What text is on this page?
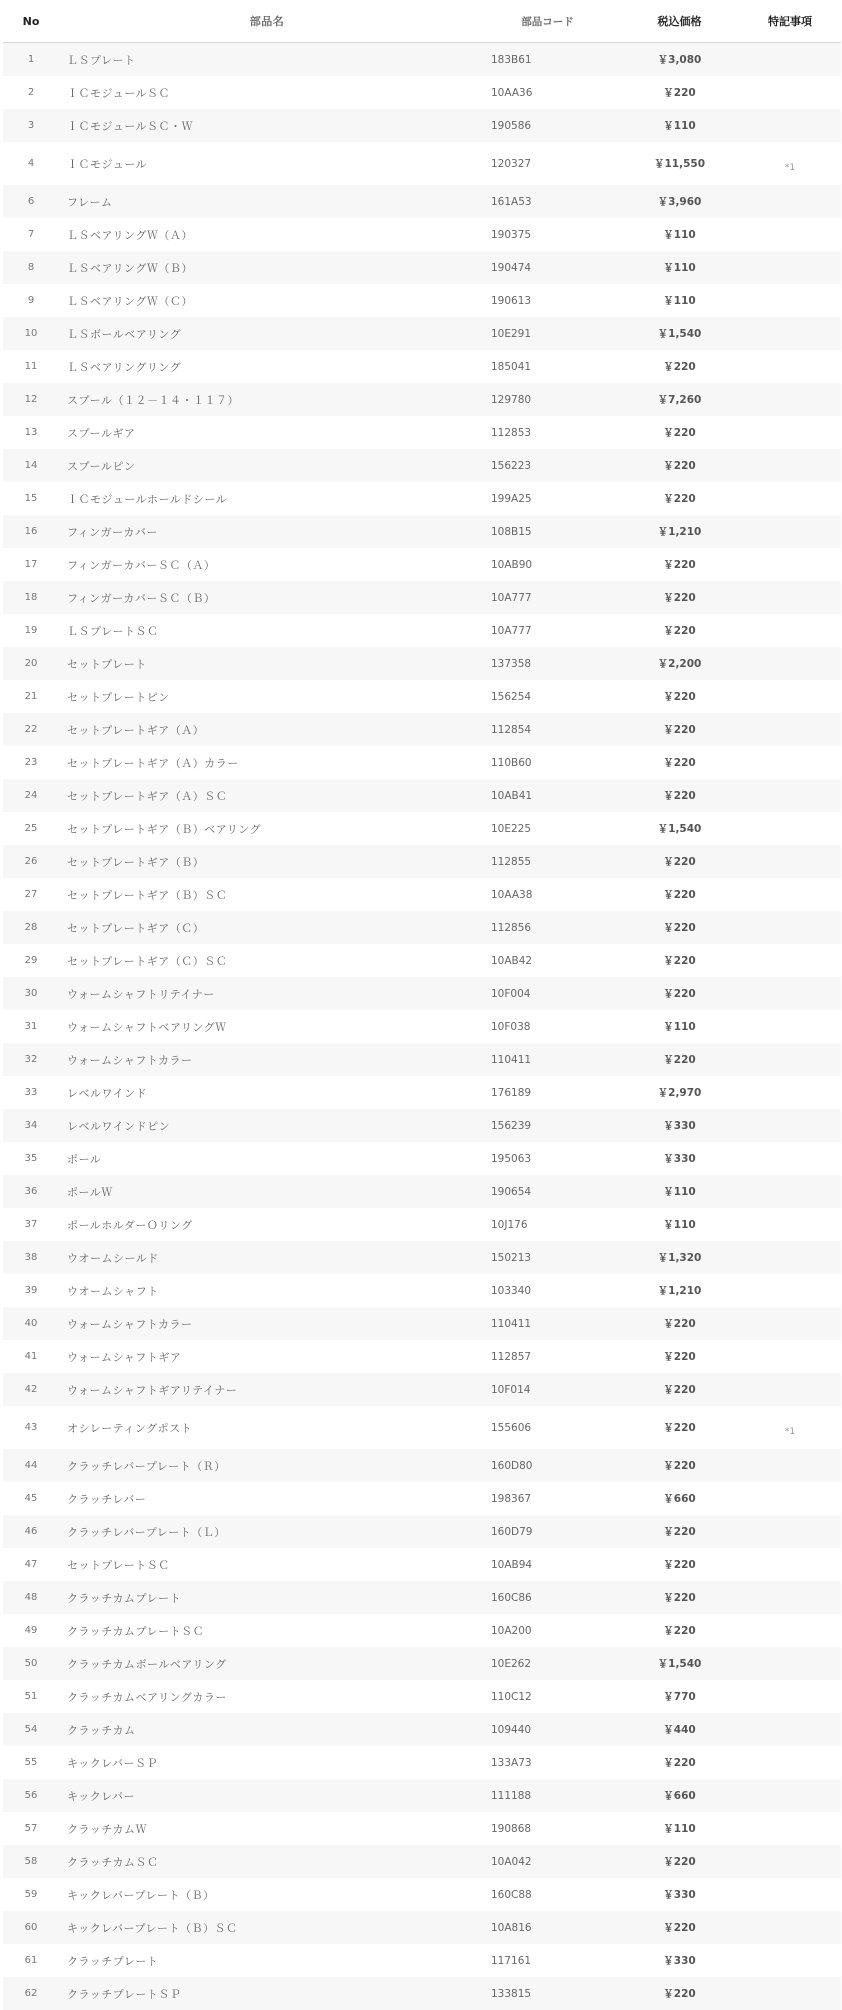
No	部品名	部品コード	税込価格	特記事項
1	ＬＳプレート	183B61	￥3,080
2	ＩＣモジュールＳＣ	10AA36	￥220
3	ＩＣモジュールＳＣ・Ｗ	190586	￥110
4	ＩＣモジュール	120327	￥11,550	*1
6	フレーム	161A53	￥3,960
7	ＬＳベアリングＷ（Ａ）	190375	￥110
8	ＬＳベアリングＷ（Ｂ）	190474	￥110
9	ＬＳベアリングＷ（Ｃ）	190613	￥110
10	ＬＳボールベアリング	10E291	￥1,540
11	ＬＳベアリングリング	185041	￥220
12	スプール（１２－１４・１１７）	129780	￥7,260
13	スプールギア	112853	￥220
14	スプールピン	156223	￥220
15	ＩＣモジュールホールドシール	199A25	￥220
16	フィンガーカバー	108B15	￥1,210
17	フィンガーカバーＳＣ（Ａ）	10AB90	￥220
18	フィンガーカバーＳＣ（Ｂ）	10A777	￥220
19	ＬＳプレートＳＣ	10A777	￥220
20	セットプレート	137358	￥2,200
21	セットプレートピン	156254	￥220
22	セットプレートギア（Ａ）	112854	￥220
23	セットプレートギア（Ａ）カラー	110B60	￥220
24	セットプレートギア（Ａ）ＳＣ	10AB41	￥220
25	セットプレートギア（Ｂ）ベアリング	10E225	￥1,540
26	セットプレートギア（Ｂ）	112855	￥220
27	セットプレートギア（Ｂ）ＳＣ	10AA38	￥220
28	セットプレートギア（Ｃ）	112856	￥220
29	セットプレートギア（Ｃ）ＳＣ	10AB42	￥220
30	ウォームシャフトリテイナー	10F004	￥220
31	ウォームシャフトベアリングＷ	10F038	￥110
32	ウォームシャフトカラー	110411	￥220
33	レベルワインド	176189	￥2,970
34	レベルワインドピン	156239	￥330
35	ポール	195063	￥330
36	ポールＷ	190654	￥110
37	ポールホルダーＯリング	10J176	￥110
38	ウオームシールド	150213	￥1,320
39	ウオームシャフト	103340	￥1,210
40	ウォームシャフトカラー	110411	￥220
41	ウォームシャフトギア	112857	￥220
42	ウォームシャフトギアリテイナー	10F014	￥220
43	オシレーティングポスト	155606	￥220	*1
44	クラッチレバープレート（Ｒ）	160D80	￥220
45	クラッチレバー	198367	￥660
46	クラッチレバープレート（Ｌ）	160D79	￥220
47	セットプレートＳＣ	10AB94	￥220
48	クラッチカムプレート	160C86	￥220
49	クラッチカムプレートＳＣ	10A200	￥220
50	クラッチカムボールベアリング	10E262	￥1,540
51	クラッチカムベアリングカラー	110C12	￥770
54	クラッチカム	109440	￥440
55	キックレバーＳＰ	133A73	￥220
56	キックレバー	111188	￥660
57	クラッチカムＷ	190868	￥110
58	クラッチカムＳＣ	10A042	￥220
59	キックレバープレート（Ｂ）	160C88	￥330
60	キックレバープレート（Ｂ）ＳＣ	10A816	￥220
61	クラッチプレート	117161	￥330
62	クラッチプレートＳＰ	133815	￥220
